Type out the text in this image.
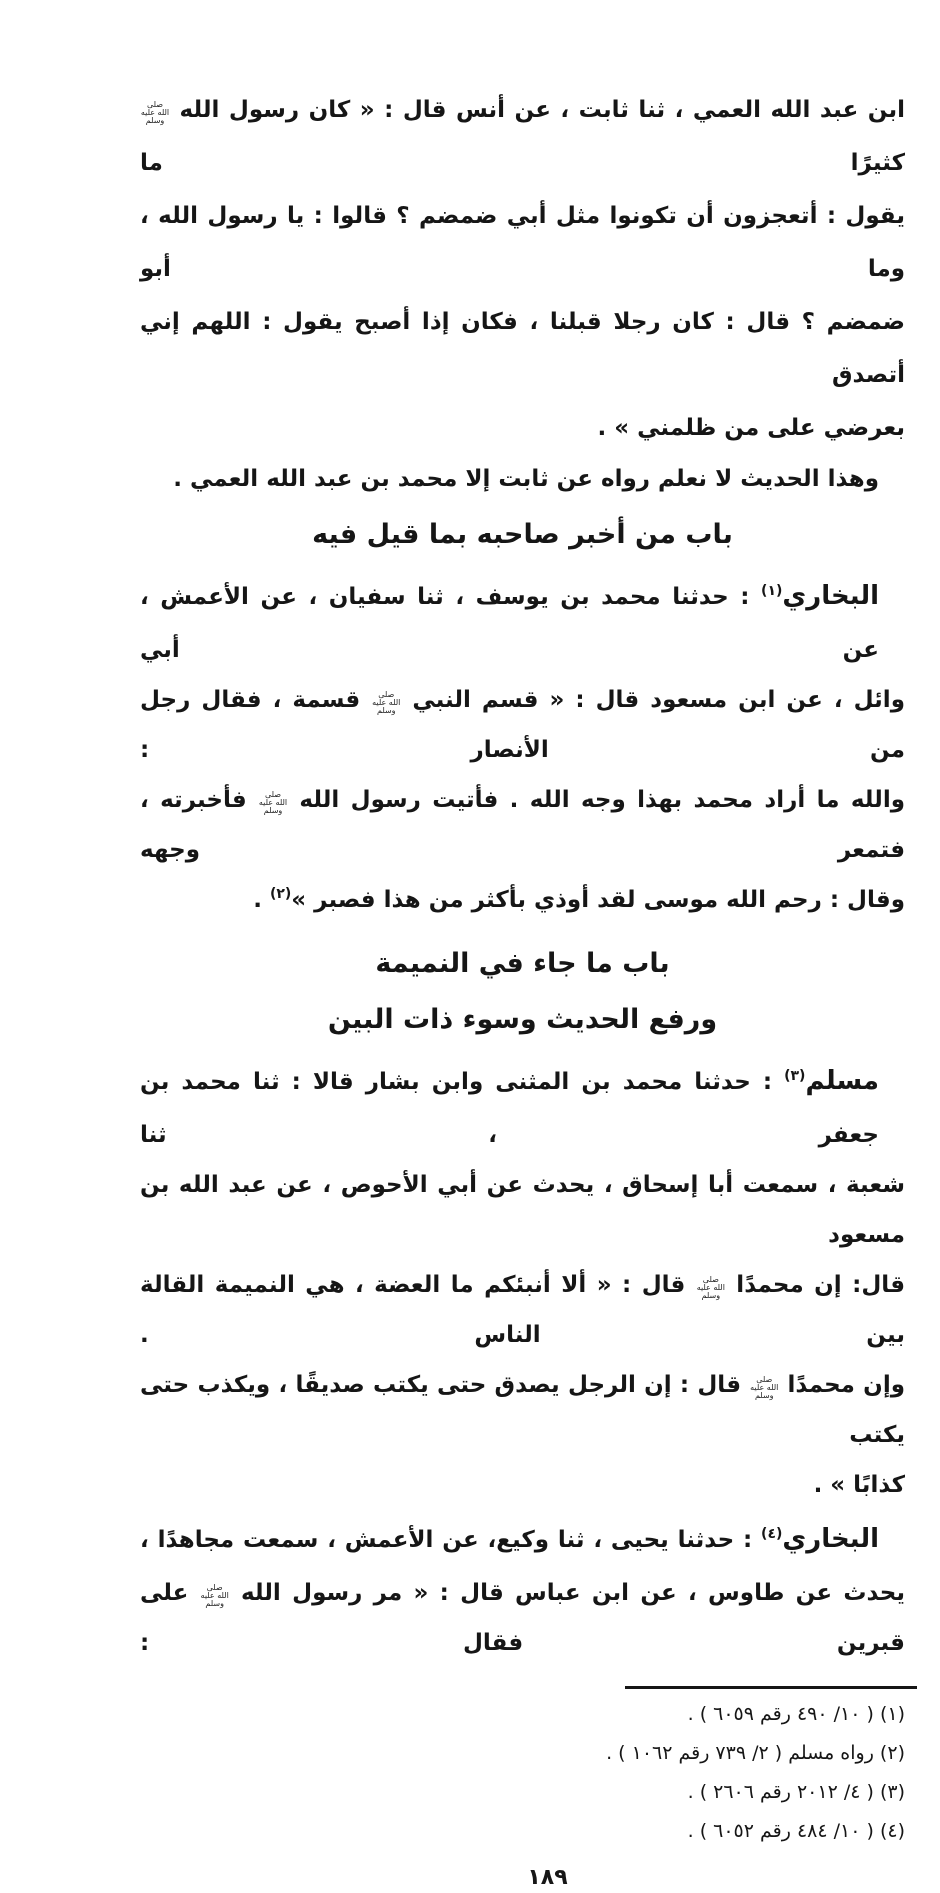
ابن عبد الله العمي ، ثنا ثابت ، عن أنس قال : « كان رسول الله صلى الله عليه وسلم كثيرًا ما
يقول : أتعجزون أن تكونوا مثل أبي ضمضم ؟ قالوا : يا رسول الله ، وما أبو
ضمضم ؟ قال : كان رجلا قبلنا ، فكان إذا أصبح يقول : اللهم إني أتصدق
بعرضي على من ظلمني » .
وهذا الحديث لا نعلم رواه عن ثابت إلا محمد بن عبد الله العمي .
باب من أخبر صاحبه بما قيل فيه
البخاري$^{(١)}$ : حدثنا محمد بن يوسف ، ثنا سفيان ، عن الأعمش ، عن أبي
وائل ، عن ابن مسعود قال : « قسم النبي صلى الله عليه وسلم قسمة ، فقال رجل من الأنصار :
والله ما أراد محمد بهذا وجه الله . فأتيت رسول الله صلى الله عليه وسلم فأخبرته ، فتمعر وجهه
وقال : رحم الله موسى لقد أوذي بأكثر من هذا فصبر »$^{(٢)}$ .
باب ما جاء في النميمة
ورفع الحديث وسوء ذات البين
مسلم$^{(٣)}$ : حدثنا محمد بن المثنى وابن بشار قالا : ثنا محمد بن جعفر ، ثنا
شعبة ، سمعت أبا إسحاق ، يحدث عن أبي الأحوص ، عن عبد الله بن مسعود
قال: إن محمدًا صلى الله عليه وسلم قال : « ألا أنبئكم ما العضة ، هي النميمة القالة بين الناس .
وإن محمدًا صلى الله عليه وسلم قال : إن الرجل يصدق حتى يكتب صديقًا ، ويكذب حتى يكتب
كذابًا » .
البخاري$^{(٤)}$ : حدثنا يحيى ، ثنا وكيع، عن الأعمش ، سمعت مجاهدًا ،
يحدث عن طاوس ، عن ابن عباس قال : « مر رسول الله صلى الله عليه وسلم على قبرين فقال :
(١) ( ١٠/ ٤٩٠ رقم ٦٠٥٩ ) .
(٢) رواه مسلم ( ٢/ ٧٣٩ رقم ١٠٦٢ ) .
(٣) ( ٤/ ٢٠١٢ رقم ٢٦٠٦ ) .
(٤) ( ١٠/ ٤٨٤ رقم ٦٠٥٢ ) .
١٨٩
